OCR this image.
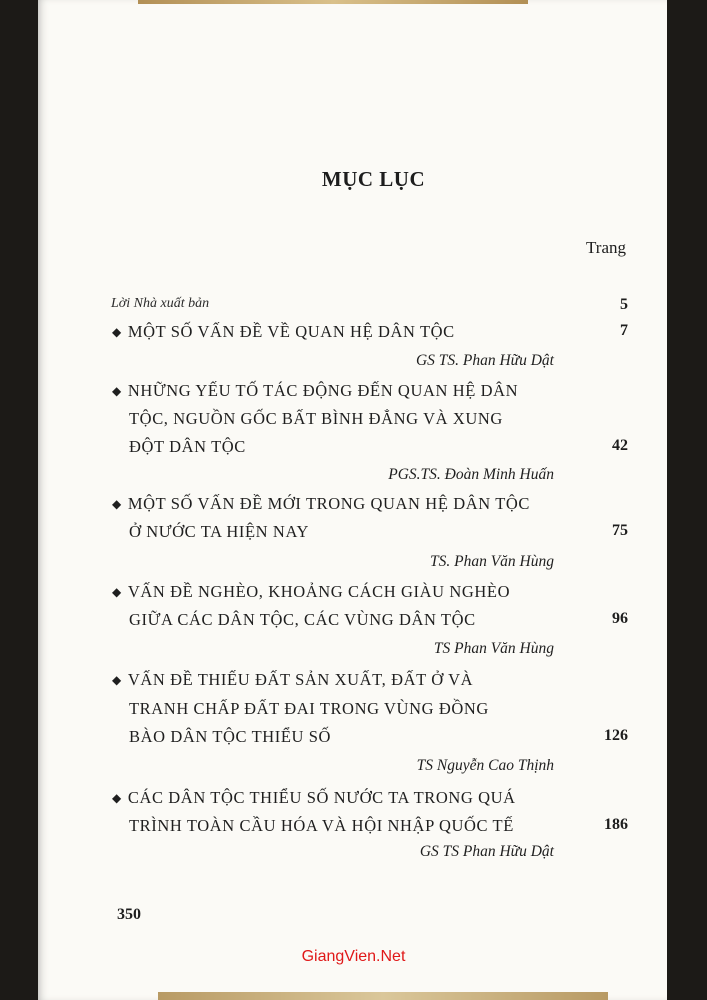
MỤC LỤC
Trang
Lời Nhà xuất bản	5
◆ MỘT SỐ VẤN ĐỀ VỀ QUAN HỆ DÂN TỘC	7
GS TS. Phan Hữu Dật
◆ NHỮNG YẾU TỐ TÁC ĐỘNG ĐẾN QUAN HỆ DÂN
TỘC, NGUỒN GỐC BẤT BÌNH ĐẲNG VÀ XUNG
ĐỘT DÂN TỘC	42
PGS.TS. Đoàn Minh Huấn
◆ MỘT SỐ VẤN ĐỀ MỚI TRONG QUAN HỆ DÂN TỘC
Ở NƯỚC TA HIỆN NAY	75
TS. Phan Văn Hùng
◆ VẤN ĐỀ NGHÈO, KHOẢNG CÁCH GIÀU NGHÈO
GIỮA CÁC DÂN TỘC, CÁC VÙNG DÂN TỘC	96
TS Phan Văn Hùng
◆ VẤN ĐỀ THIẾU ĐẤT SẢN XUẤT, ĐẤT Ở VÀ
TRANH CHẤP ĐẤT ĐAI TRONG VÙNG ĐỒNG
BÀO DÂN TỘC THIỂU SỐ	126
TS Nguyễn Cao Thịnh
◆ CÁC DÂN TỘC THIỂU SỐ NƯỚC TA TRONG QUÁ
TRÌNH TOÀN CẦU HÓA VÀ HỘI NHẬP QUỐC TẾ	186
GS TS Phan Hữu Dật
350
GiangVien.Net
